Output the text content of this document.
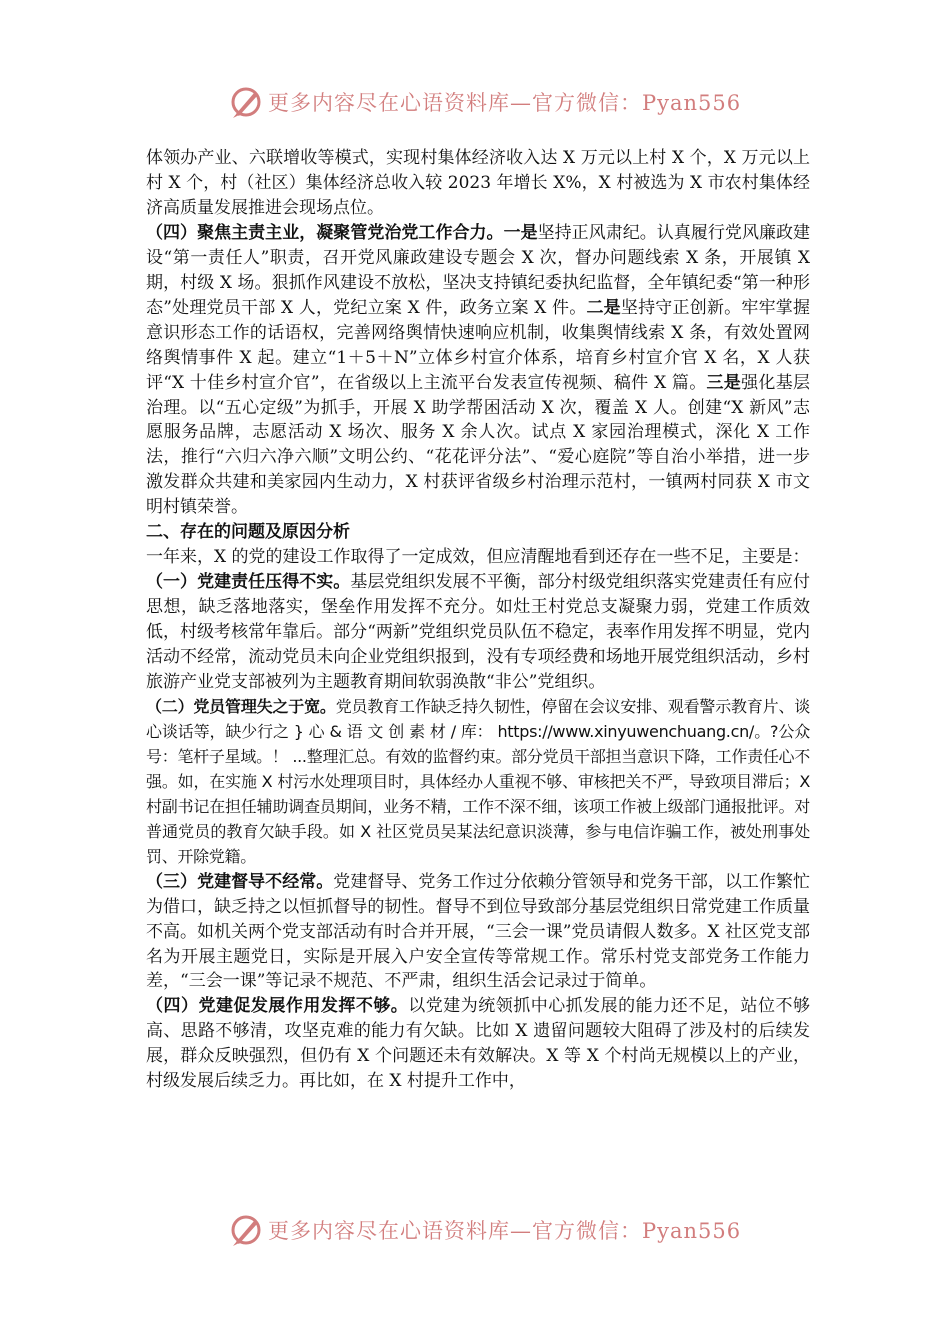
更多内容尽在心语资料库—官方微信：Pyan556

体领办产业、六联增收等模式，实现村集体经济收入达 X 万元以上村 X 个，X 万元以上村 X 个，村（社区）集体经济总收入较 2023 年增长 X%，X 村被选为 X 市农村集体经济高质量发展推进会现场点位。

（四）聚焦主责主业，凝聚管党治党工作合力。一是坚持正风肃纪。认真履行党风廉政建设“第一责任人”职责，召开党风廉政建设专题会 X 次，督办问题线索 X 条，开展镇 X 期，村级 X 场。狠抓作风建设不放松，坚决支持镇纪委执纪监督，全年镇纪委“第一种形态”处理党员干部 X 人，党纪立案 X 件，政务立案 X 件。二是坚持守正创新。牢牢掌握意识形态工作的话语权，完善网络舆情快速响应机制，收集舆情线索 X 条，有效处置网络舆情事件 X 起。建立“1＋5＋N”立体乡村宣介体系，培育乡村宣介官 X 名，X 人获评“X 十佳乡村宣介官”，在省级以上主流平台发表宣传视频、稿件 X 篇。三是强化基层治理。以“五心定级”为抓手，开展 X 助学帮困活动 X 次，覆盖 X 人。创建“X 新风”志愿服务品牌，志愿活动 X 场次、服务 X 余人次。试点 X 家园治理模式，深化 X 工作法，推行“六归六净六顺”文明公约、“花花评分法”、“爱心庭院”等自治小举措，进一步激发群众共建和美家园内生动力，X 村获评省级乡村治理示范村，一镇两村同获 X 市文明村镇荣誉。

二、存在的问题及原因分析

一年来，X 的党的建设工作取得了一定成效，但应清醒地看到还存在一些不足，主要是：

（一）党建责任压得不实。基层党组织发展不平衡，部分村级党组织落实党建责任有应付思想，缺乏落地落实，堡垒作用发挥不充分。如灶王村党总支凝聚力弱，党建工作质效低，村级考核常年靠后。部分“两新”党组织党员队伍不稳定，表率作用发挥不明显，党内活动不经常，流动党员未向企业党组织报到，没有专项经费和场地开展党组织活动，乡村旅游产业党支部被列为主题教育期间软弱涣散“非公”党组织。

（二）党员管理失之于宽。党员教育工作缺乏持久韧性，停留在会议安排、观看警示教育片、谈心谈话等，缺少行之 } 心 & 语 文 创 素 材 / 库： https://www.xinyuwenchuang.cn/。?公众号：笔杆子星域。！ ...整理汇总。有效的监督约束。部分党员干部担当意识下降，工作责任心不强。如，在实施 X 村污水处理项目时，具体经办人重视不够、审核把关不严，导致项目滞后；X 村副书记在担任辅助调查员期间，业务不精，工作不深不细，该项工作被上级部门通报批评。对普通党员的教育欠缺手段。如 X 社区党员吴某法纪意识淡薄，参与电信诈骗工作，被处刑事处罚、开除党籍。

（三）党建督导不经常。党建督导、党务工作过分依赖分管领导和党务干部，以工作繁忙为借口，缺乏持之以恒抓督导的韧性。督导不到位导致部分基层党组织日常党建工作质量不高。如机关两个党支部活动有时合并开展，“三会一课”党员请假人数多。X 社区党支部名为开展主题党日，实际是开展入户安全宣传等常规工作。常乐村党支部党务工作能力差，“三会一课”等记录不规范、不严肃，组织生活会记录过于简单。

（四）党建促发展作用发挥不够。以党建为统领抓中心抓发展的能力还不足，站位不够高、思路不够清，攻坚克难的能力有欠缺。比如 X 遗留问题较大阻碍了涉及村的后续发展，群众反映强烈，但仍有 X 个问题还未有效解决。X 等 X 个村尚无规模以上的产业，村级发展后续乏力。再比如，在 X 村提升工作中，

更多内容尽在心语资料库—官方微信：Pyan556
